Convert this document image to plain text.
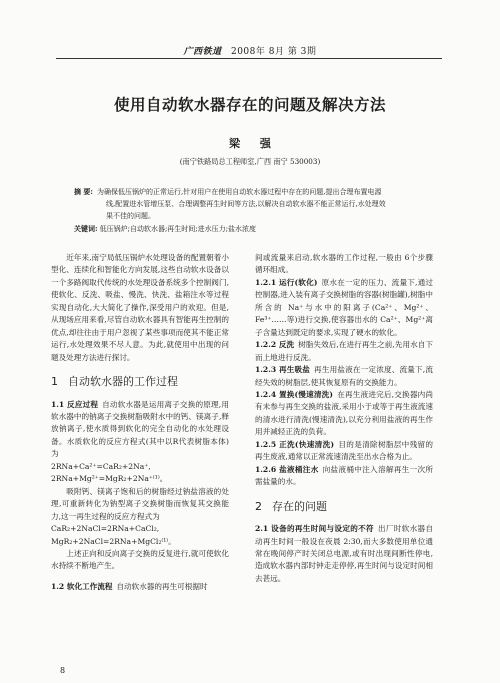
广西铁道 2008年 8月 第 3期
使用自动软水器存在的问题及解决方法
梁 强
(南宁铁路局总工程师室,广西 南宁 530003)
摘 要: 为确保低压锅炉的正常运行,针对用户在使用自动软水器过程中存在的问题,提出合理布置电源
线,配置进水管增压泵、合理调整再生时间等方法,以解决自动软水器不能正常运行,水处理效
果不佳的问题。
关键词: 低压锅炉;自动软水器;再生时间;进水压力;盐水浓度

近年来,南宁局低压锅炉水处理设备的配置朝着小型化、连续化和智能化方向发展,这些自动软水设备以一个多路阀取代传统的水处理设备系统多个控制阀门,使软化、反洗、吸盐、慢洗、快洗、盐箱注水等过程实现自动化,大大简化了操作,深受用户的欢迎。但是,从现场应用来看,尽管自动软水器具有智能再生控制的优点,却往往由于用户忽视了某些事项而使其不能正常运行,水处理效果不尽人意。为此,就使用中出现的问题及处理方法进行探讨。

1 自动软水器的工作过程

1.1 反应过程 自动软水器是运用离子交换的原理,用软水器中的钠离子交换树脂吸附水中的钙、镁离子,释放钠离子,使水质得到软化的完全自动化的水处理设备。水质软化的反应方程式(其中以R代表树脂本体)为

2RNa+Ca²⁺=CaR₂+2Na⁺,

2RNa+Mg²⁺=MgR₂+2Na⁺⁽¹⁾。

吸附钙、镁离子饱和后的树脂经过钠盐溶液的处理,可重新转化为钠型离子交换树脂而恢复其交换能力,这一再生过程的反应方程式为

CaR₂+2NaCl=2RNa+CaCl₂,

MgR₂+2NaCl=2RNa+MgCl₂⁽¹⁾。

上述正向和反向离子交换的反复进行,就可使软化水持续不断地产生。

1.2 软化工作流程 自动软水器的再生可根据时

间或流量来启动,软水器的工作过程,一般由 6个步骤循环组成。

1.2.1 运行(软化) 原水在一定的压力、流量下,通过控制器,进入装有离子交换树脂的容器(树脂罐),树脂中所含的 Na⁺与水中的阳离子(Ca²⁺、Mg²⁺、Fe³⁺……等)进行交换,使容器出水的 Ca²⁺、Mg²⁺离子含量达到既定的要求,实现了硬水的软化。

1.2.2 反洗 树脂失效后,在进行再生之前,先用水自下而上地进行反洗。

1.2.3 再生吸盐 再生用盐液在一定浓度、流量下,流经失效的树脂层,使其恢复原有的交换能力。

1.2.4 置换(慢速清洗) 在再生液进完后,交换器内尚有未参与再生交换的盐液,采用小于或等于再生液流速的清水进行清洗(慢速清洗),以充分利用盐液的再生作用并减轻正洗的负荷。

1.2.5 正洗(快速清洗) 目的是清除树脂层中残留的再生废液,通常以正常流速清洗至出水合格为止。

1.2.6 盐液桶注水 向盐液桶中注入溶解再生一次所需盐量的水。

2 存在的问题

2.1 设备的再生时间与设定的不符 出厂时软水器自动再生时间一般设在夜晨 2:30,而大多数使用单位通常在晚间停产时关闭总电源,或有时出现间断性停电,造成软水器内部时钟走走停停,再生时间与设定时间相去甚远。

8
